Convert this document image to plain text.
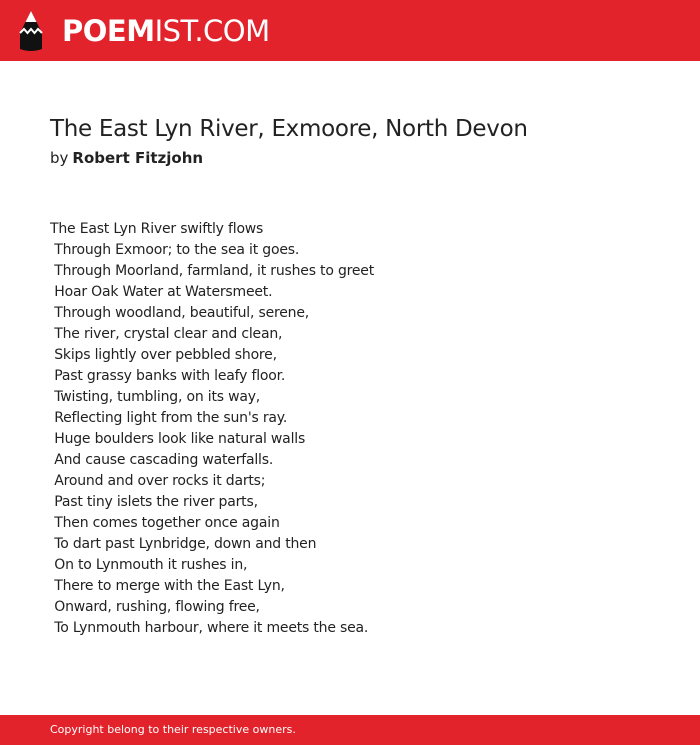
POEMIST.COM
The East Lyn River, Exmoore, North Devon
by Robert Fitzjohn
The East Lyn River swiftly flows
Through Exmoor; to the sea it goes.
Through Moorland, farmland, it rushes to greet
Hoar Oak Water at Watersmeet.
Through woodland, beautiful, serene,
The river, crystal clear and clean,
Skips lightly over pebbled shore,
Past grassy banks with leafy floor.
Twisting, tumbling, on its way,
Reflecting light from the sun's ray.
Huge boulders look like natural walls
And cause cascading waterfalls.
Around and over rocks it darts;
Past tiny islets the river parts,
Then comes together once again
To dart past Lynbridge, down and then
On to Lynmouth it rushes in,
There to merge with the East Lyn,
Onward, rushing, flowing free,
To Lynmouth harbour, where it meets the sea.
Copyright belong to their respective owners.
